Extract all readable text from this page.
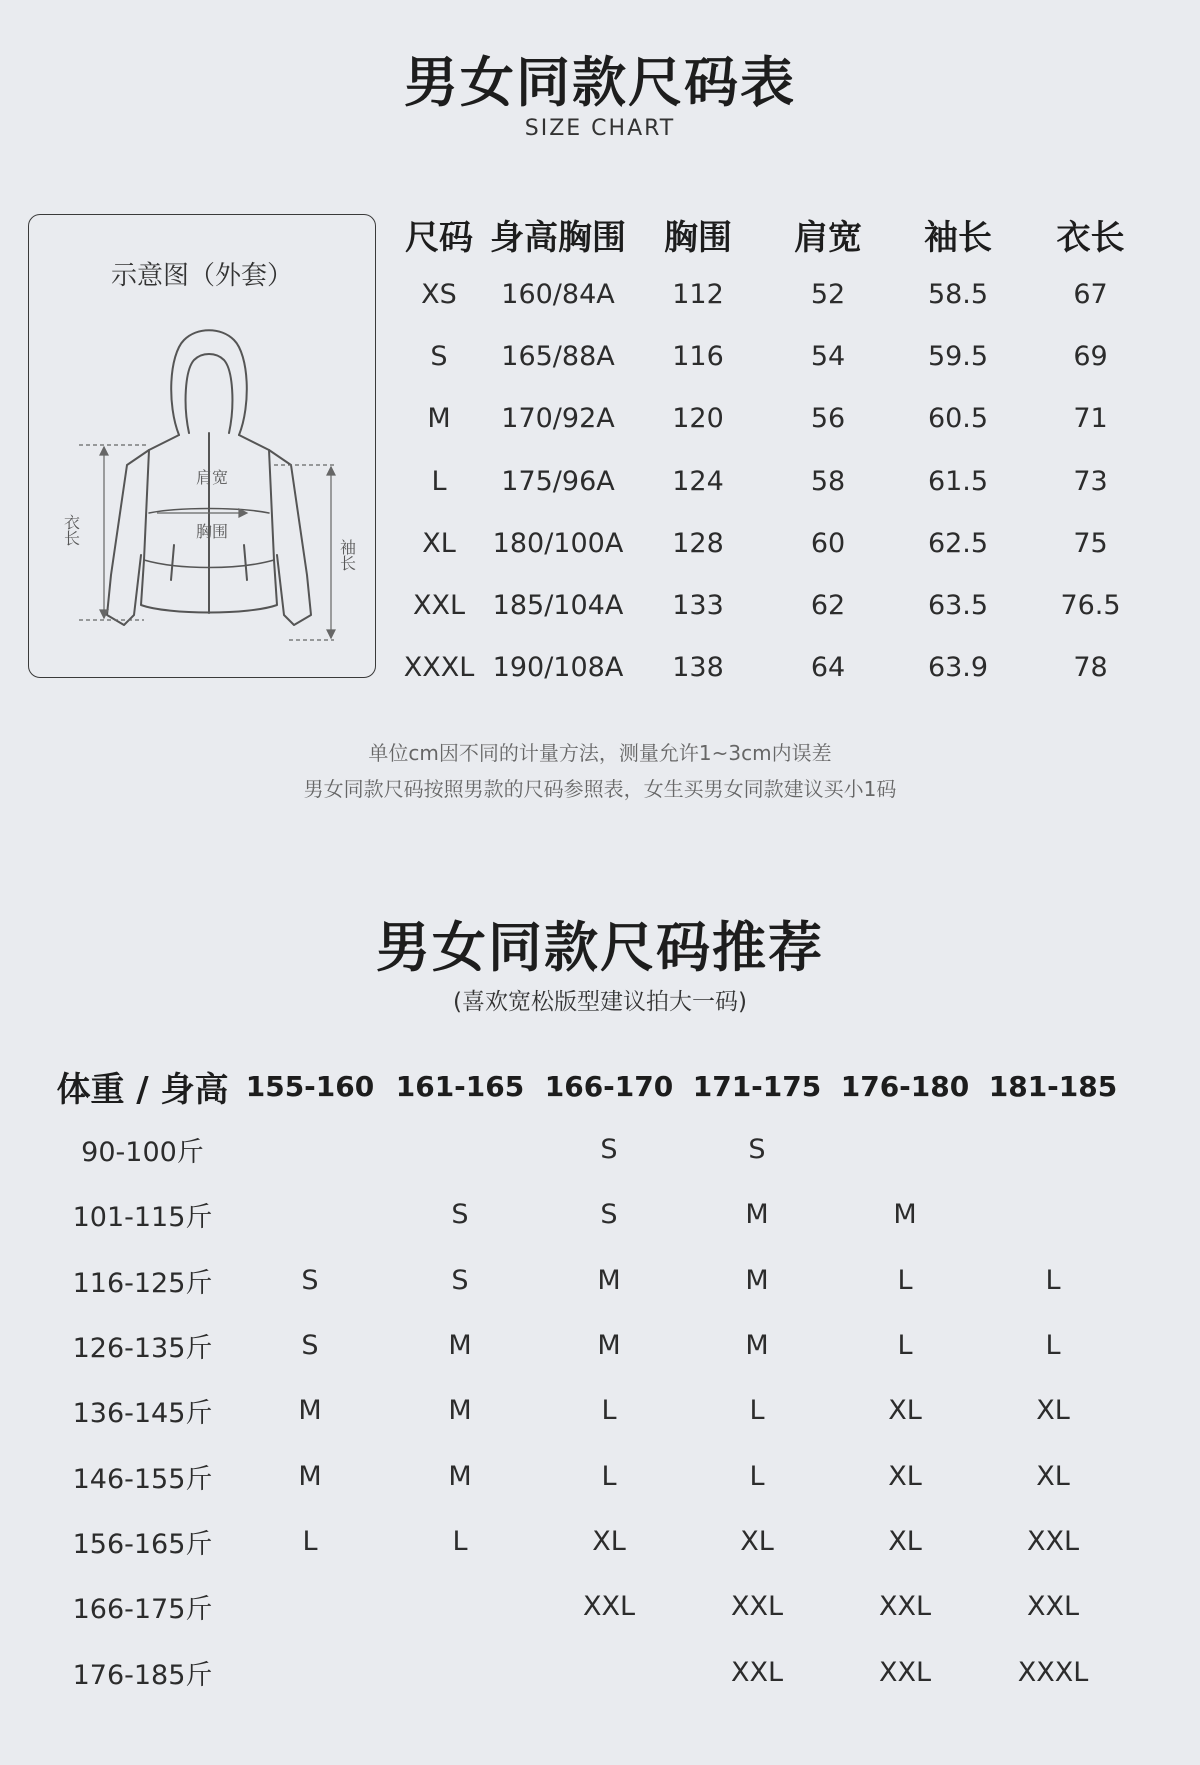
男女同款尺码表
SIZE CHART
示意图（外套）
肩宽
胸围
衣长
袖长
尺码	身高胸围	胸围	肩宽	袖长	衣长
XS	160/84A	112	52	58.5	67
S	165/88A	116	54	59.5	69
M	170/92A	120	56	60.5	71
L	175/96A	124	58	61.5	73
XL	180/100A	128	60	62.5	75
XXL	185/104A	133	62	63.5	76.5
XXXL	190/108A	138	64	63.9	78
单位cm因不同的计量方法，测量允许1~3cm内误差
男女同款尺码按照男款的尺码参照表，女生买男女同款建议买小1码
男女同款尺码推荐
(喜欢宽松版型建议拍大一码)
体重 / 身高	155-160	161-165	166-170	171-175	176-180	181-185
90-100斤			S	S		
101-115斤		S	S	M	M	
116-125斤	S	S	M	M	L	L
126-135斤	S	M	M	M	L	L
136-145斤	M	M	L	L	XL	XL
146-155斤	M	M	L	L	XL	XL
156-165斤	L	L	XL	XL	XL	XXL
166-175斤			XXL	XXL	XXL	XXL
176-185斤				XXL	XXL	XXXL
